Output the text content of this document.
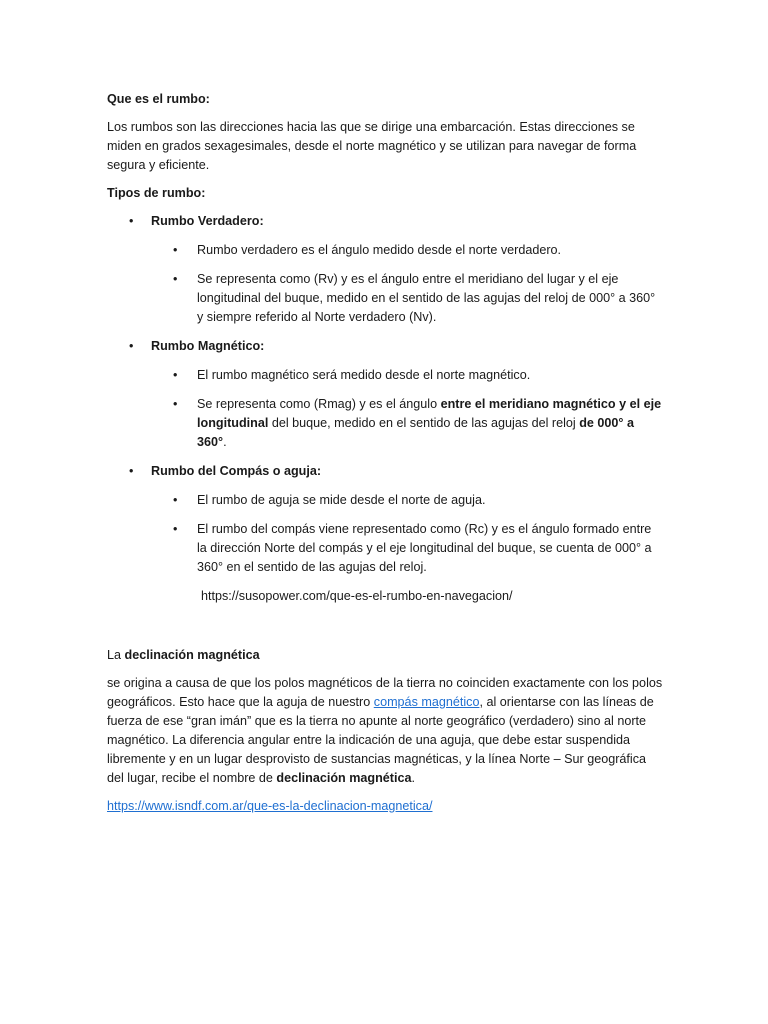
Que es el rumbo:

Los rumbos son las direcciones hacia las que se dirige una embarcación. Estas direcciones se miden en grados sexagesimales, desde el norte magnético y se utilizan para navegar de forma segura y eficiente.

Tipos de rumbo:

• Rumbo Verdadero:
• Rumbo verdadero es el ángulo medido desde el norte verdadero.
• Se representa como (Rv) y es el ángulo entre el meridiano del lugar y el eje longitudinal del buque, medido en el sentido de las agujas del reloj de 000° a 360° y siempre referido al Norte verdadero (Nv).
• Rumbo Magnético:
• El rumbo magnético será medido desde el norte magnético.
• Se representa como (Rmag) y es el ángulo entre el meridiano magnético y el eje longitudinal del buque, medido en el sentido de las agujas del reloj de 000° a 360°.
• Rumbo del Compás o aguja:
• El rumbo de aguja se mide desde el norte de aguja.
• El rumbo del compás viene representado como (Rc) y es el ángulo formado entre la dirección Norte del compás y el eje longitudinal del buque, se cuenta de 000° a 360° en el sentido de las agujas del reloj.

https://susopower.com/que-es-el-rumbo-en-navegacion/

La declinación magnética

se origina a causa de que los polos magnéticos de la tierra no coinciden exactamente con los polos geográficos. Esto hace que la aguja de nuestro compás magnético, al orientarse con las líneas de fuerza de ese “gran imán” que es la tierra no apunte al norte geográfico (verdadero) sino al norte magnético. La diferencia angular entre la indicación de una aguja, que debe estar suspendida libremente y en un lugar desprovisto de sustancias magnéticas, y la línea Norte – Sur geográfica del lugar, recibe el nombre de declinación magnética.

https://www.isndf.com.ar/que-es-la-declinacion-magnetica/
